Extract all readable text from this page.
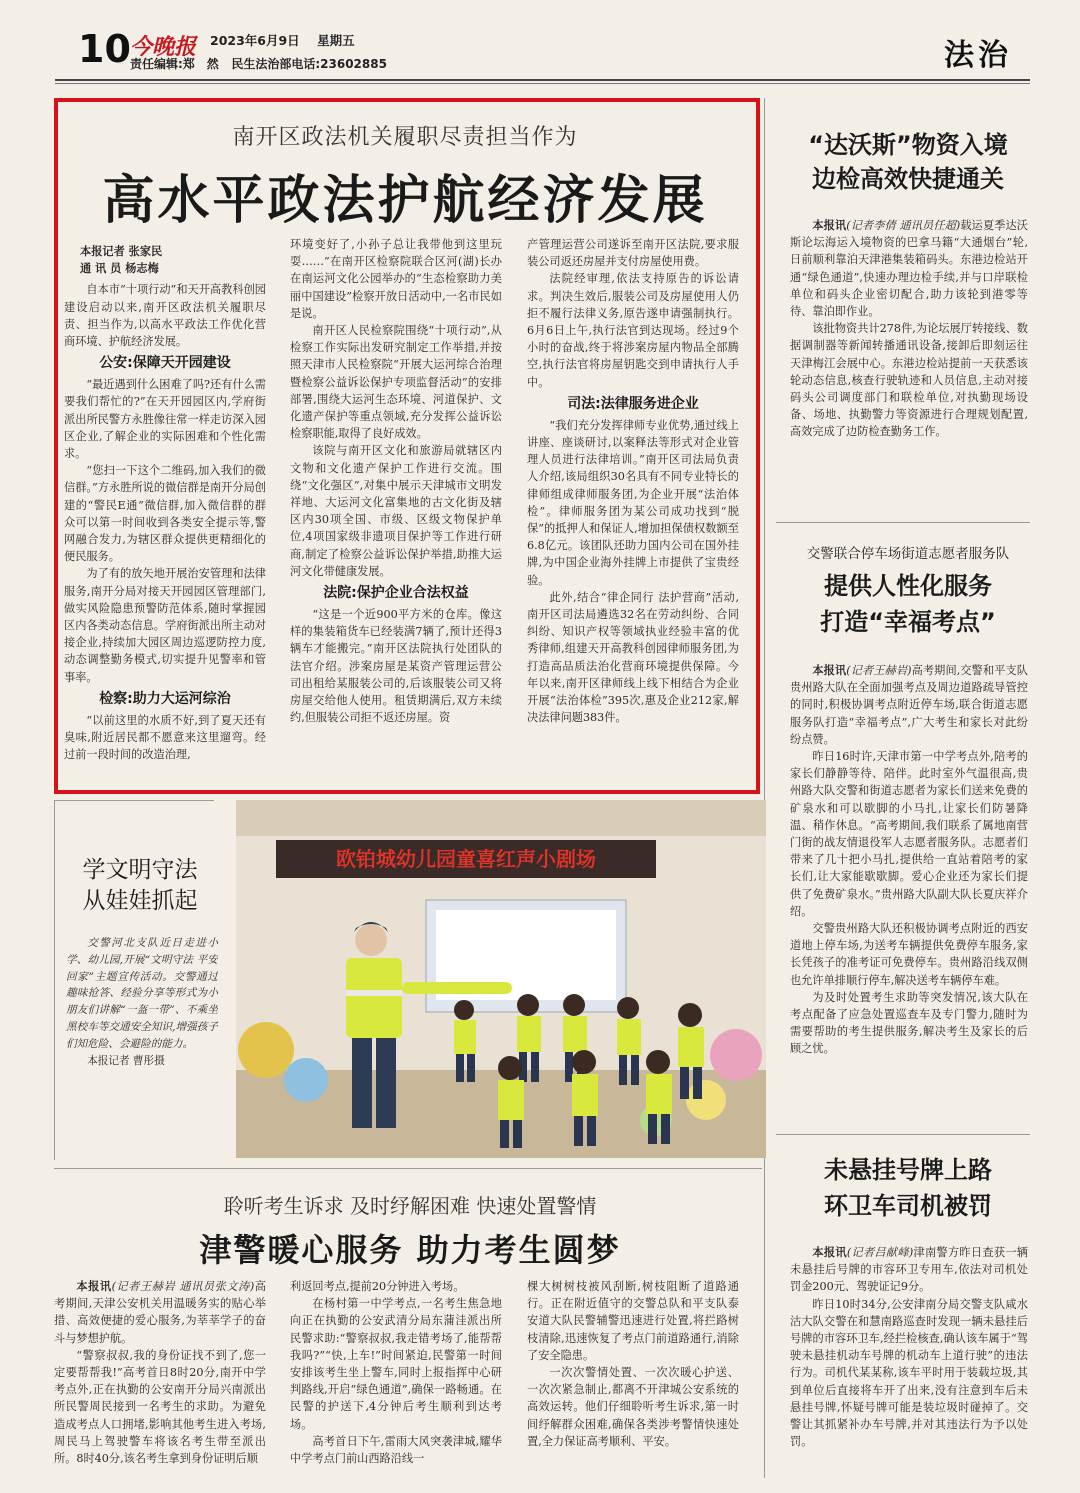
10 今晚报 2023年6月9日 星期五
责任编辑:郑　然 民生法治部电话:23602885	法治
南开区政法机关履职尽责担当作为
高水平政法护航经济发展

本报记者 张家民

通 讯 员 杨志梅

自本市“十项行动”和天开高教科创园建设启动以来,南开区政法机关履职尽责、担当作为,以高水平政法工作优化营商环境、护航经济发展。

公安:保障天开园建设

“最近遇到什么困难了吗?还有什么需要我们帮忙的?”在天开园园区内,学府街派出所民警方永胜像往常一样走访深入园区企业,了解企业的实际困难和个性化需求。

“您扫一下这个二维码,加入我们的微信群。”方永胜所说的微信群是南开分局创建的“警民E通”微信群,加入微信群的群众可以第一时间收到各类安全提示等,警网融合发力,为辖区群众提供更精细化的便民服务。

为了有的放矢地开展治安管理和法律服务,南开分局对接天开园园区管理部门,做实风险隐患预警防范体系,随时掌握园区内各类动态信息。学府街派出所主动对接企业,持续加大园区周边巡逻防控力度,动态调整勤务模式,切实提升见警率和管事率。

检察:助力大运河综治

“以前这里的水质不好,到了夏天还有臭味,附近居民都不愿意来这里遛弯。经过前一段时间的改造治理,

环境变好了,小孙子总让我带他到这里玩耍……”在南开区检察院联合区河(湖)长办在南运河文化公园举办的“生态检察助力美丽中国建设”检察开放日活动中,一名市民如是说。

南开区人民检察院围绕“十项行动”,从检察工作实际出发研究制定工作举措,并按照天津市人民检察院“开展大运河综合治理暨检察公益诉讼保护专项监督活动”的安排部署,围绕大运河生态环境、河道保护、文化遗产保护等重点领域,充分发挥公益诉讼检察职能,取得了良好成效。

该院与南开区文化和旅游局就辖区内文物和文化遗产保护工作进行交流。围绕“文化强区”,对集中展示天津城市文明发祥地、大运河文化富集地的古文化街及辖区内30项全国、市级、区级文物保护单位,4项国家级非遗项目保护等工作进行研商,制定了检察公益诉讼保护举措,助推大运河文化带健康发展。

法院:保护企业合法权益

“这是一个近900平方米的仓库。像这样的集装箱货车已经装满7辆了,预计还得3辆车才能搬完。”南开区法院执行处团队的法官介绍。涉案房屋是某资产管理运营公司出租给某服装公司的,后该服装公司又将房屋交给他人使用。租赁期满后,双方未续约,但服装公司拒不返还房屋。资

产管理运营公司遂诉至南开区法院,要求服装公司返还房屋并支付房屋使用费。

法院经审理,依法支持原告的诉讼请求。判决生效后,服装公司及房屋使用人仍拒不履行法律义务,原告遂申请强制执行。6月6日上午,执行法官到达现场。经过9个小时的奋战,终于将涉案房屋内物品全部腾空,执行法官将房屋钥匙交到申请执行人手中。

司法:法律服务进企业

“我们充分发挥律师专业优势,通过线上讲座、座谈研讨,以案释法等形式对企业管理人员进行法律培训。”南开区司法局负责人介绍,该局组织30名具有不同专业特长的律师组成律师服务团,为企业开展“法治体检”。律师服务团为某公司成功找到“脱保”的抵押人和保证人,增加担保债权数额至6.8亿元。该团队还助力国内公司在国外挂牌,为中国企业海外挂牌上市提供了宝贵经验。

此外,结合“律企同行 法护营商”活动,南开区司法局遴选32名在劳动纠纷、合同纠纷、知识产权等领域执业经验丰富的优秀律师,组建天开高教科创园律师服务团,为打造高品质法治化营商环境提供保障。今年以来,南开区律师线上线下相结合为企业开展“法治体检”395次,惠及企业212家,解决法律问题383件。

“达沃斯”物资入境
边检高效快捷通关

本报讯(记者李倩 通讯员任超)载运夏季达沃斯论坛海运入境物资的巴拿马籍“大通烟台”轮,日前顺利靠泊天津港集装箱码头。东港边检站开通“绿色通道”,快速办理边检手续,并与口岸联检单位和码头企业密切配合,助力该轮到港零等待、靠泊即作业。

该批物资共计278件,为论坛展厅转接线、数据调制器等新闻转播通讯设备,接卸后即刻运往天津梅江会展中心。东港边检站提前一天获悉该轮动态信息,核查行驶轨迹和人员信息,主动对接码头公司调度部门和联检单位,对执勤现场设备、场地、执勤警力等资源进行合理规划配置,高效完成了边防检查勤务工作。

交警联合停车场街道志愿者服务队
提供人性化服务
打造“幸福考点”

本报讯(记者王赫岩)高考期间,交警和平支队贵州路大队在全面加强考点及周边道路疏导管控的同时,积极协调考点附近停车场,联合街道志愿服务队打造“幸福考点”,广大考生和家长对此纷纷点赞。

昨日16时许,天津市第一中学考点外,陪考的家长们静静等待、陪伴。此时室外气温很高,贵州路大队交警和街道志愿者为家长们送来免费的矿泉水和可以歇脚的小马扎,让家长们防暑降温、稍作休息。“高考期间,我们联系了属地南营门街的战友情退役军人志愿者服务队。志愿者们带来了几十把小马扎,提供给一直站着陪考的家长们,让大家能歇歇脚。爱心企业还为家长们提供了免费矿泉水。”贵州路大队副大队长夏庆祥介绍。

交警贵州路大队还积极协调考点附近的西安道地上停车场,为送考车辆提供免费停车服务,家长凭孩子的准考证可免费停车。贵州路沿线双侧也允许单排顺行停车,解决送考车辆停车难。

为及时处置考生求助等突发情况,该大队在考点配备了应急处置巡查车及专门警力,随时为需要帮助的考生提供服务,解决考生及家长的后顾之忧。

未悬挂号牌上路
环卫车司机被罚

本报讯(记者吕献峰)津南警方昨日查获一辆未悬挂后号牌的市容环卫专用车,依法对司机处罚金200元、驾驶证记9分。

昨日10时34分,公安津南分局交警支队咸水沽大队交警在和慧南路巡查时发现一辆未悬挂后号牌的市容环卫车,经拦检核查,确认该车属于“驾驶未悬挂机动车号牌的机动车上道行驶”的违法行为。司机代某某称,该车平时用于装载垃圾,其到单位后直接将车开了出来,没有注意到车后未悬挂号牌,怀疑号牌可能是装垃圾时碰掉了。交警让其抓紧补办车号牌,并对其违法行为予以处罚。

学文明守法
从娃娃抓起

交警河北支队近日走进小学、幼儿园,开展“文明守法 平安回家”主题宣传活动。交警通过趣味抢答、经验分享等形式为小朋友们讲解“一盔一带”、不乘坐黑校车等交通安全知识,增强孩子们知危险、会避险的能力。

本报记者 曹彤摄

欧铂城幼儿园童喜红声小剧场
聆听考生诉求 及时纾解困难 快速处置警情
津警暖心服务 助力考生圆梦

本报讯(记者王赫岩 通讯员张文涛)高考期间,天津公安机关用温暖务实的贴心举措、高效便捷的爱心服务,为莘莘学子的奋斗与梦想护航。

“警察叔叔,我的身份证找不到了,您一定要帮帮我!”高考首日8时20分,南开中学考点外,正在执勤的公安南开分局兴南派出所民警周民接到一名考生的求助。为避免造成考点人口拥堵,影响其他考生进入考场,周民马上驾驶警车将该名考生带至派出所。8时40分,该名考生拿到身份证明后顺

利返回考点,提前20分钟进入考场。

在杨村第一中学考点,一名考生焦急地向正在执勤的公安武清分局东蒲洼派出所民警求助:“警察叔叔,我走错考场了,能帮帮我吗?”“快,上车!”时间紧迫,民警第一时间安排该考生坐上警车,同时上报指挥中心研判路线,开启“绿色通道”,确保一路畅通。在民警的护送下,4分钟后考生顺利到达考场。

高考首日下午,雷雨大风突袭津城,耀华中学考点门前山西路沿线一

棵大树树枝被风刮断,树枝阻断了道路通行。正在附近值守的交警总队和平支队泰安道大队民警辅警迅速进行处置,将拦路树枝清除,迅速恢复了考点门前道路通行,消除了安全隐患。

一次次警情处置、一次次暖心护送、一次次紧急制止,都离不开津城公安系统的高效运转。他们仔细聆听考生诉求,第一时间纾解群众困难,确保各类涉考警情快速处置,全力保证高考顺利、平安。
